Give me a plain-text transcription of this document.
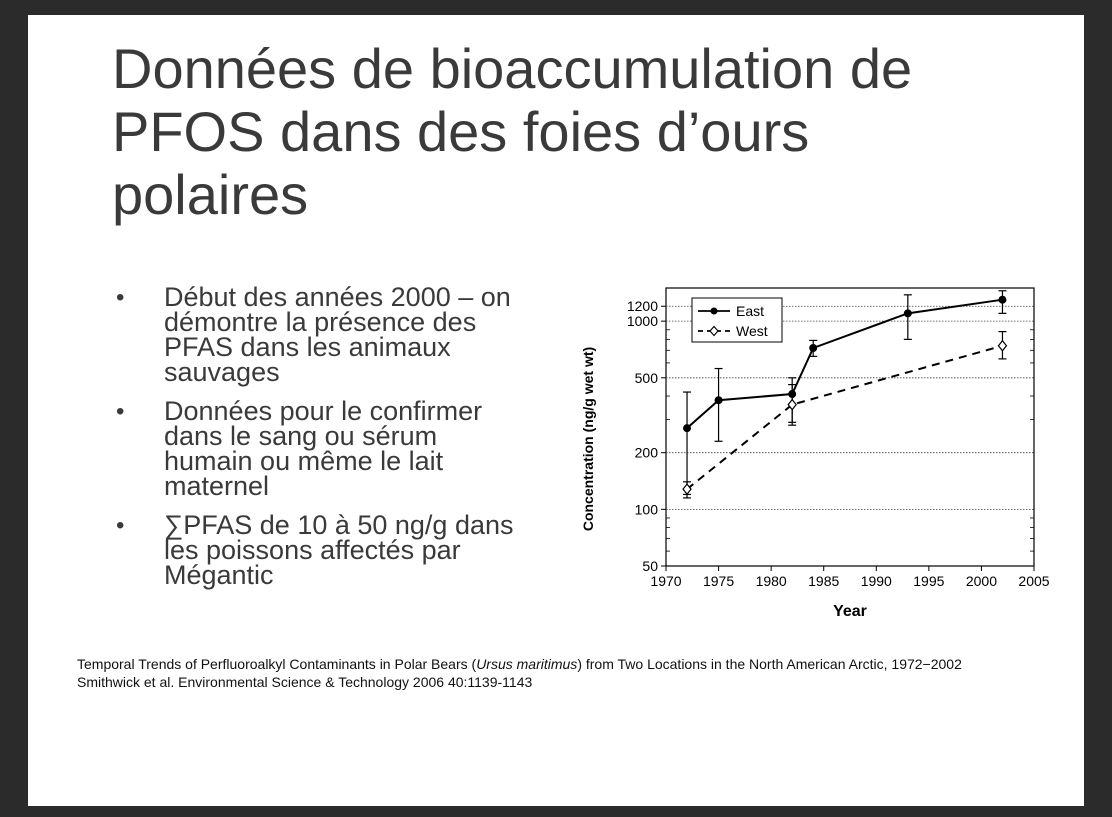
Données de bioaccumulation de PFOS dans des foies d’ours polaires
• Début des années 2000 – on démontre la présence des PFAS dans les animaux sauvages
• Données pour le confirmer dans le sang ou sérum humain ou même le lait maternel
• ∑PFAS de 10 à 50 ng/g dans les poissons affectés par Mégantic	50
100
200
500
1000
1200
1970 1975 1980 1985 1990 1995 2000 2005
Year
Concentration (ng/g wet wt)
East
West

Temporal Trends of Perfluoroalkyl Contaminants in Polar Bears (Ursus maritimus) from Two Locations in the North American Arctic, 1972−2002

Smithwick et al. Environmental Science & Technology 2006 40:1139-1143
